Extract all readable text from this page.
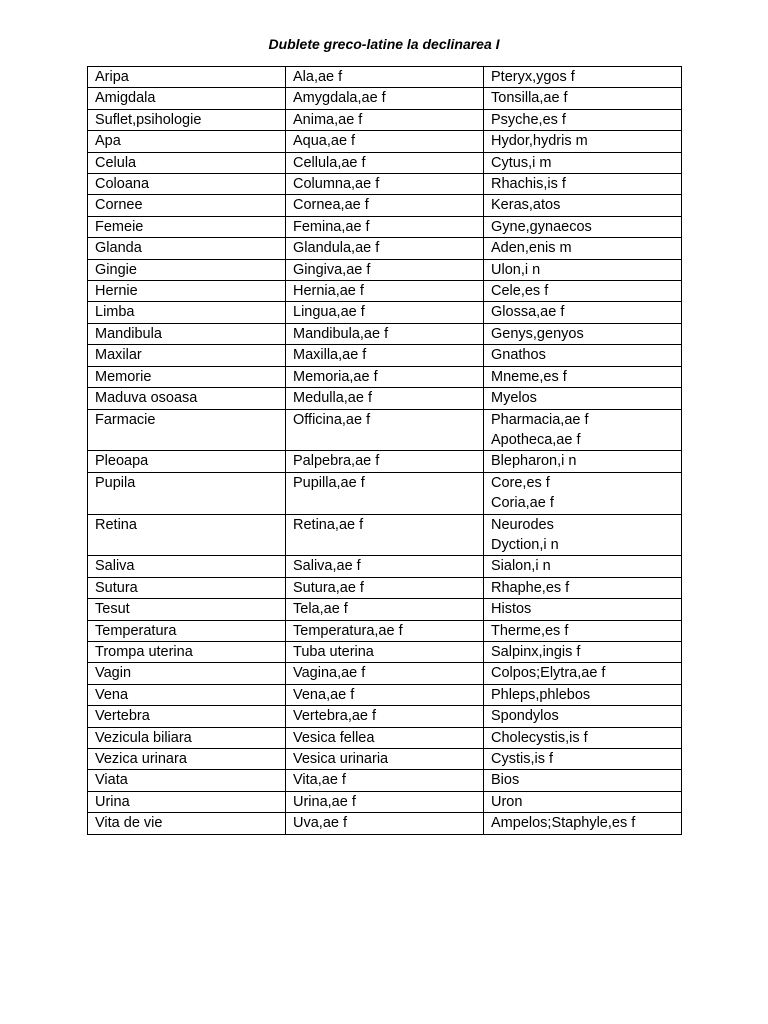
Dublete greco-latine la declinarea I
Aripa	Ala,ae f	Pteryx,ygos f

Amigdala	Amygdala,ae f	Tonsilla,ae f

Suflet,psihologie	Anima,ae f	Psyche,es f

Apa	Aqua,ae f	Hydor,hydris m

Celula	Cellula,ae f	Cytus,i m

Coloana	Columna,ae f	Rhachis,is f

Cornee	Cornea,ae f	Keras,atos

Femeie	Femina,ae f	Gyne,gynaecos

Glanda	Glandula,ae f	Aden,enis m

Gingie	Gingiva,ae f	Ulon,i n

Hernie	Hernia,ae f	Cele,es f

Limba	Lingua,ae f	Glossa,ae f

Mandibula	Mandibula,ae f	Genys,genyos

Maxilar	Maxilla,ae f	Gnathos

Memorie	Memoria,ae f	Mneme,es f

Maduva osoasa	Medulla,ae f	Myelos

Farmacie	Officina,ae f	Pharmacia,ae f
Apotheca,ae f

Pleoapa	Palpebra,ae f	Blepharon,i n

Pupila	Pupilla,ae f	Core,es f
Coria,ae f

Retina	Retina,ae f	Neurodes
Dyction,i n

Saliva	Saliva,ae f	Sialon,i n

Sutura	Sutura,ae f	Rhaphe,es f

Tesut	Tela,ae f	Histos

Temperatura	Temperatura,ae f	Therme,es f

Trompa uterina	Tuba uterina	Salpinx,ingis f

Vagin	Vagina,ae f	Colpos;Elytra,ae f

Vena	Vena,ae f	Phleps,phlebos

Vertebra	Vertebra,ae f	Spondylos

Vezicula biliara	Vesica fellea	Cholecystis,is f

Vezica urinara	Vesica urinaria	Cystis,is f

Viata	Vita,ae f	Bios

Urina	Urina,ae f	Uron

Vita de vie	Uva,ae f	Ampelos;Staphyle,es f
